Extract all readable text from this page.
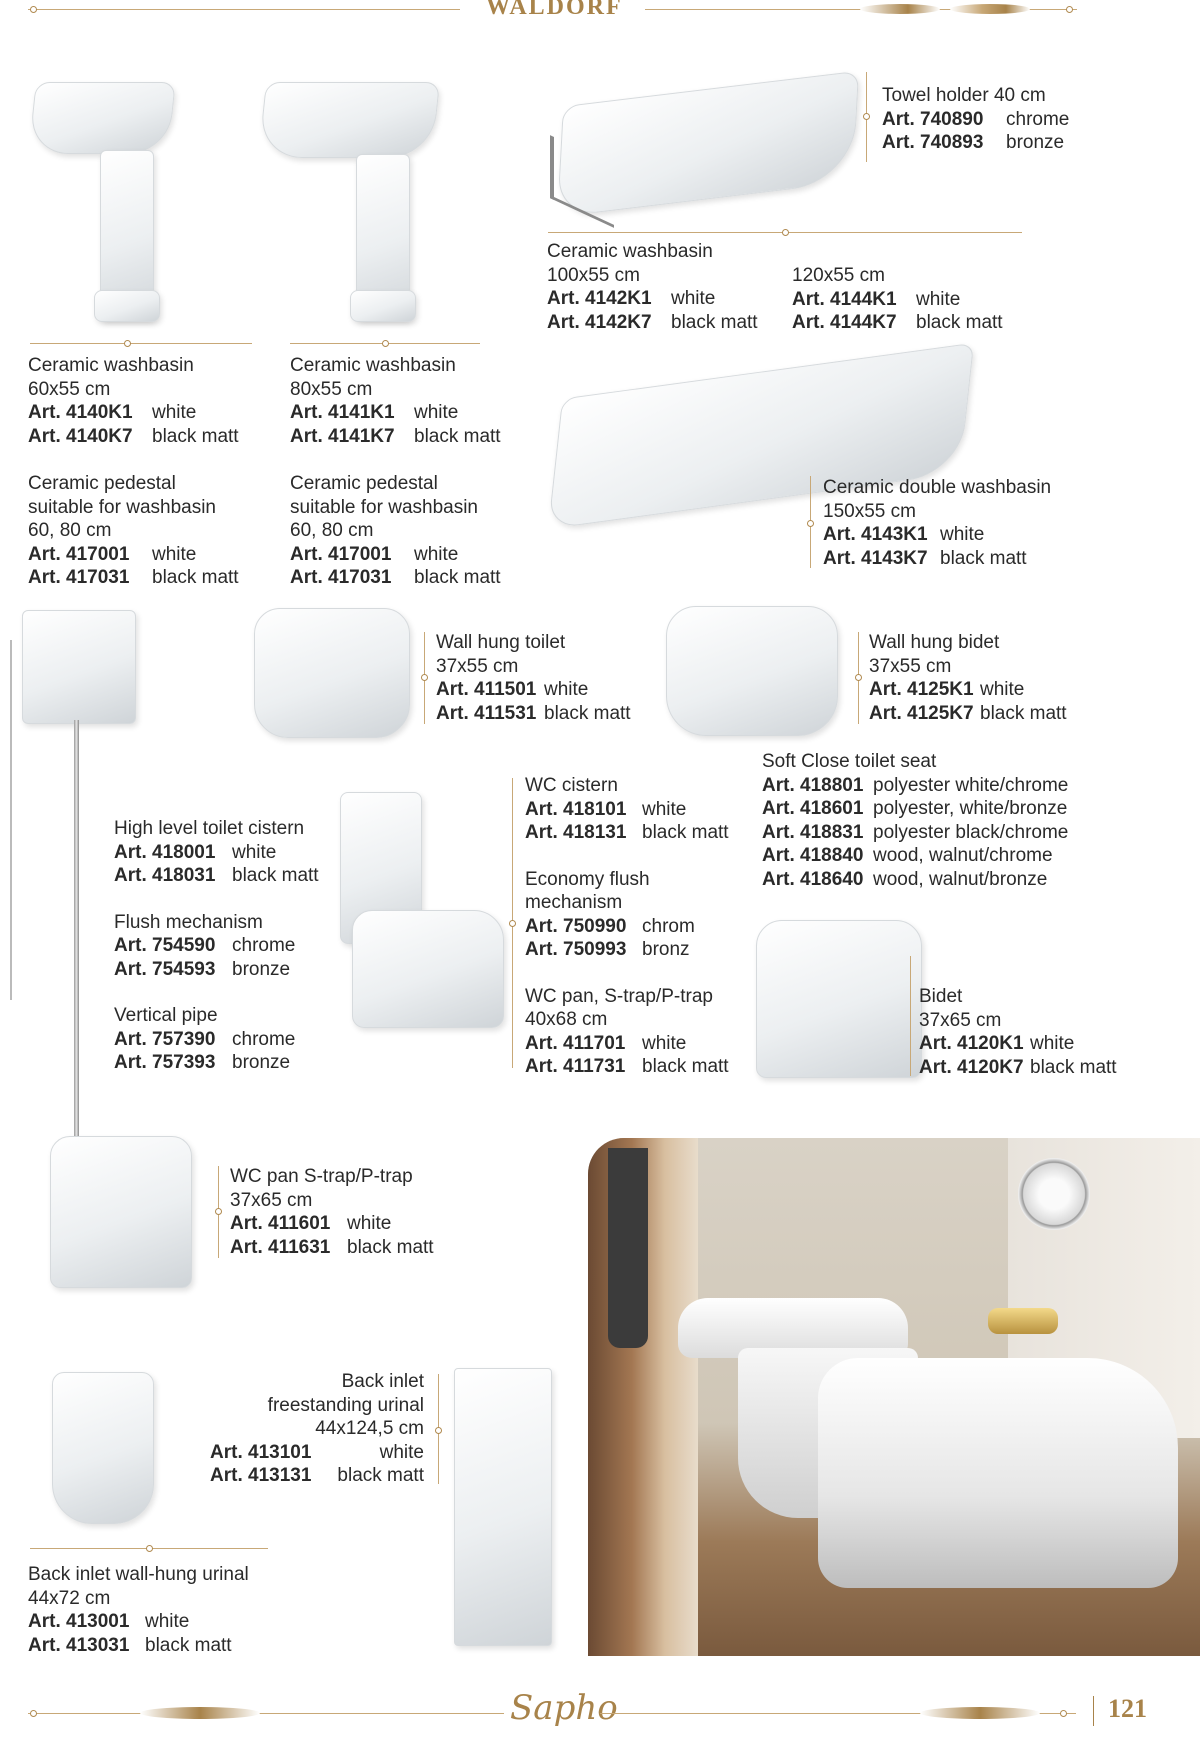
WALDORF
Towel holder 40 cm
Art. 740890	chrome
Art. 740893	bronze
Ceramic washbasin
100x55 cm
Art. 4142K1	white
Art. 4142K7	black matt
120x55 cm
Art. 4144K1	white
Art. 4144K7	black matt
Ceramic washbasin
60x55 cm
Art. 4140K1	white
Art. 4140K7	black matt
Ceramic washbasin
80x55 cm
Art. 4141K1	white
Art. 4141K7	black matt
Ceramic pedestal
suitable for washbasin
60, 80 cm
Art. 417001	white
Art. 417031	black matt
Ceramic pedestal
suitable for washbasin
60, 80 cm
Art. 417001	white
Art. 417031	black matt
Ceramic double washbasin
150x55 cm
Art. 4143K1 white
Art. 4143K7 black matt
Wall hung toilet
37x55 cm
Art. 411501 white
Art. 411531 black matt
Wall hung bidet
37x55 cm
Art. 4125K1 white
Art. 4125K7 black matt
High level toilet cistern
Art. 418001 white
Art. 418031 black matt
Flush mechanism
Art. 754590 chrome
Art. 754593 bronze
Vertical pipe
Art. 757390 chrome
Art. 757393 bronze
WC cistern
Art. 418101 white
Art. 418131 black matt
Economy flush
mechanism
Art. 750990 chrom
Art. 750993 bronz
WC pan, S-trap/P-trap
40x68 cm
Art. 411701 white
Art. 411731 black matt
Soft Close toilet seat
Art. 418801 polyester white/chrome
Art. 418601 polyester, white/bronze
Art. 418831 polyester black/chrome
Art. 418840 wood, walnut/chrome
Art. 418640 wood, walnut/bronze
Bidet
37x65 cm
Art. 4120K1 white
Art. 4120K7 black matt
WC pan S-trap/P-trap
37x65 cm
Art. 411601 white
Art. 411631 black matt
Back inlet
freestanding urinal
44x124,5 cm
Art. 413101	white
Art. 413131 black matt
Back inlet wall-hung urinal
44x72 cm
Art. 413001 white
Art. 413031 black matt
Sapho	121
